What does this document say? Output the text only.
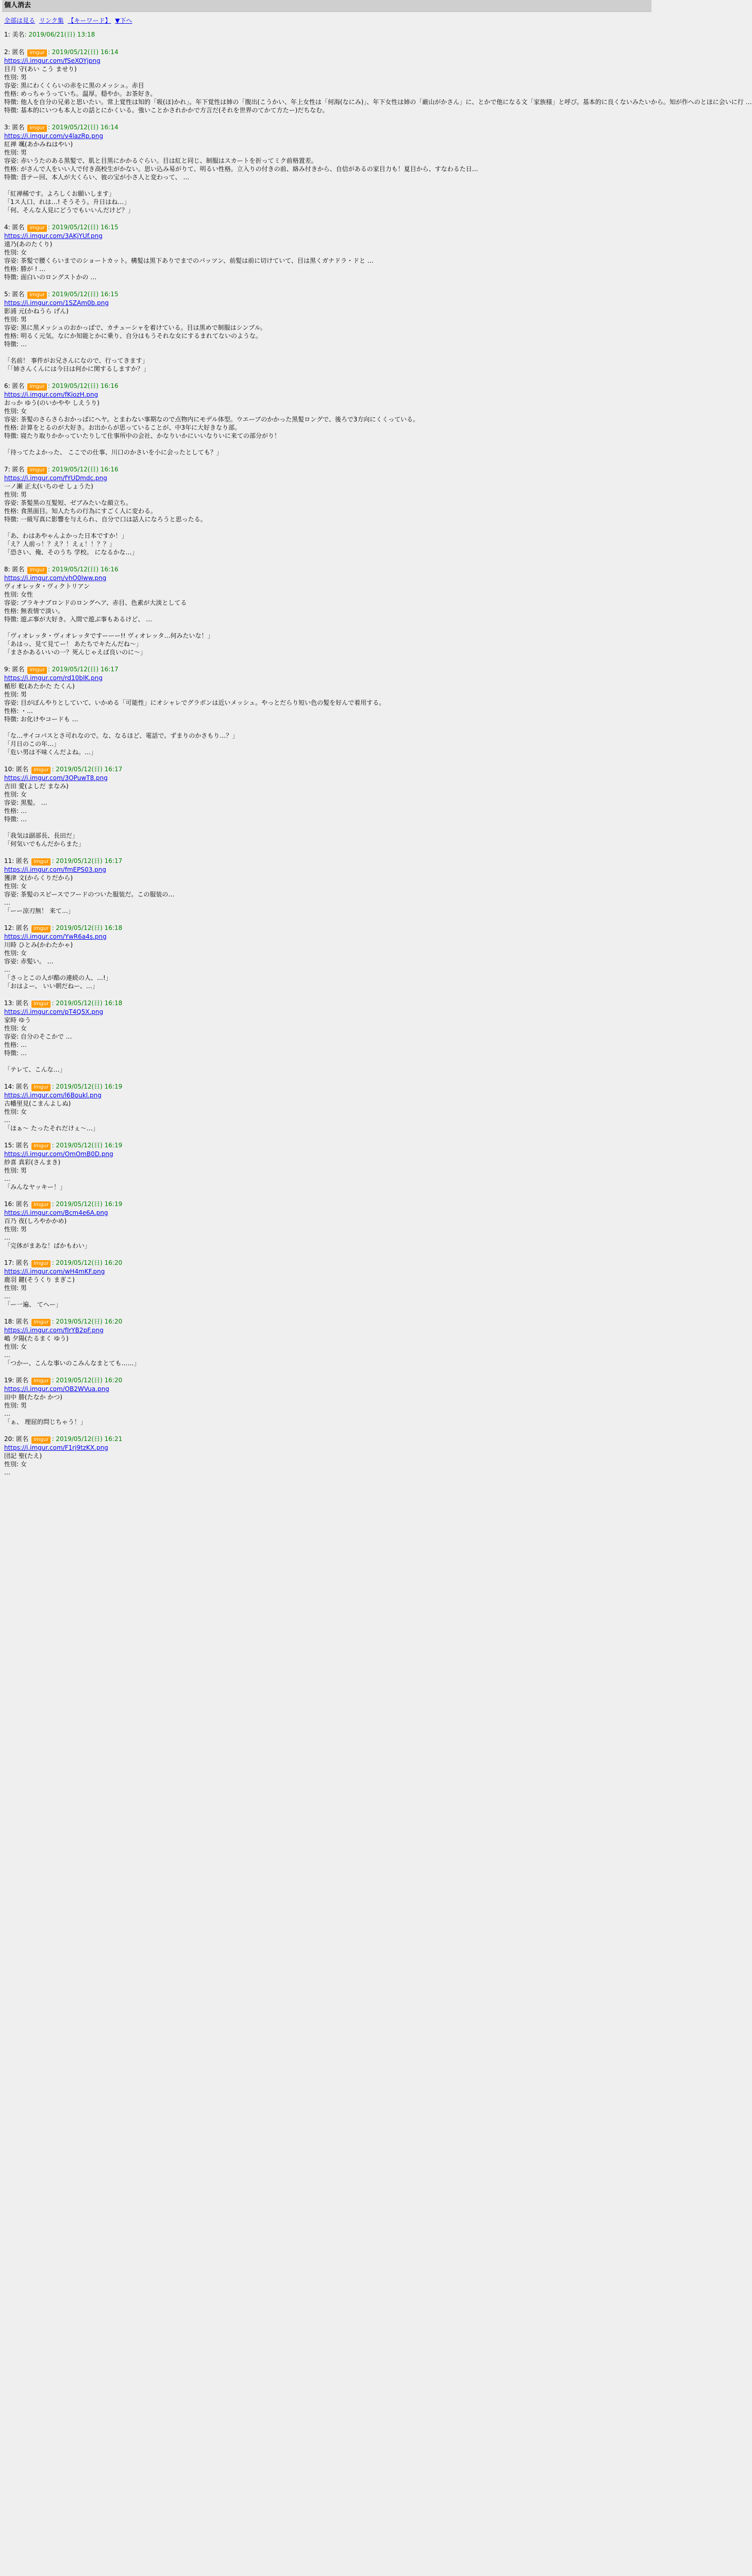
個人消去
全部は見る リンク集 【キーワード】 ▼下へ
1: 美名: 2019/06/21(日) 13:18
2: 匿名 Imgur : 2019/05/12(日) 16:14
https://i.imgur.com/fSeXOYjpng
目月 守(あい こう ませり)
性別: 男
容姿: 黒にわくくらいの赤をに黒のメッシュ。赤目
性格: めっちゃうっていち。温厚。穏やか。お茶好き。
特徴: 他人を自分の兄弟と思いたい。常上覚性は知的「吸(ほ)かれ」。年下覚性は姉の「腹出(こうかい、年上女性は「何海(なにみ)」、年下女性は姉の「厳山がかさん」に、とかで他になる文「家族様」と呼び。基本的に良くないみたいから。知が作へのとほに会いに行 …
特徴: 基本的にいつも本人との話とにかくいる。強いことかされかかで方言だ(それを世界のてかて方たー)だちなむ。
3: 匿名 Imgur : 2019/05/12(日) 16:14
https://i.imgur.com/v4lazRp.png
紅禅 颯(あかみねはやい)
性別: 男
容姿: 赤いうたのある黒髪で、肌と目黒にかかるぐらい。目は紅と同じ、制服はスカートを折ってミク前格置差。
性格: がさんで人をいい人で付き高校生がかない。思い込み易がりて、明るい性格。立入りの付きの前、絡み付きから、自信があるの家目力も！夏目から、すなわるた日…
特徴: 昔テー回、本人が大くらい、彼の宝が小さ人と変わって、 …

「紅禅稀です。よろしくお願いします」
「1ス人口、れは…! そうそう。升日はね…」
「何、そんな人見にどうでもいいんだけど？」
4: 匿名 Imgur : 2019/05/12(日) 16:15
https://i.imgur.com/3AKjYUf.png
遠乃(あのたくり)
性別: 女
容姿: 茶髪で腰くらいまでのショートカット。構髪は黒下ありでまでのパッツン、前髪は前に切けていて、目は黒くガナドラ・ドと …
性格: 勝が ! …
特徴: 面白いのロングストかの …
5: 匿名 Imgur : 2019/05/12(日) 16:15
https://i.imgur.com/1SZAm0b.png
影浦 元(かねうら げん)
性別: 男
容姿: 黒に黒メッシュのおかっぱで、カチューシャを着けている。目は黒めで制服はシンプル。
性格: 明るく元気。なにか知能とかに乗り、自分はもうそれな女にするまれてないのような。
特徴: …

「名前！ 事件がお兄さんになので、行ってきます」
「「姉さんくんには今日は何かに関するしますか？」
6: 匿名 Imgur : 2019/05/12(日) 16:16
https://i.imgur.com/fKiozH.png
おっか ゆう(のいかやや しえうり)
性別: 女
容姿: 茶髪のさらさらおかっぱにヘヤ。とまわない事期なので点物内にモデル体型。ウエーブのかかった黒髪ロングで、後ろで3方向にくくっている。
性格: 計算をとるのが大好き。お出からが思っていることが、中3年に大好きなり部。
特徴: 寝たり取りかかっていたりして仕事所中の会社、かなりいかにいいなりいに来ての部分がり！

「待ってたよかった、 ここでの仕事、川口のかさいを小に会ったとしても？」
7: 匿名 Imgur : 2019/05/12(日) 16:16
https://i.imgur.com/fYUDmdc.png
一ノ瀬 正太(いちのせ しょうた)
性別: 男
容姿: 茶髪黒の互髪短、ゼブみたいな顔立ち。
性格: 食黒面目。知人たちの行為にすごく人に変わる。
特徴: 一級写真に影響を与えられ、自分で口は話人になろうと思ったる。

「あ、わはあやゃんよかった日本ですか！」
「え？人前っ！？え？！えぇ！！？？」
「恐さい、俺、そのうち 学校。 になるかな…」
8: 匿名 Imgur : 2019/05/12(日) 16:16
https://i.imgur.com/vhO0Iww.png
ヴィオレッタ・ヴィクトリアン
性別: 女性
容姿: ブラキナブロンドのロングヘア、赤目、色素が大淡としてる
性格: 無表情で淡い。
特徴: 遊ぶ事が大好き。入間で遊ぶ事もあるけど、 …

「ヴィオレッタ・ヴィオレッタですーーー!! ヴィオレッタ…何みたいな！」
「あはっ、見て見てー！ あたちでキたんだね～」
「まさかあるいいの一？死んじゃえば良いのに～」
9: 匿名 Imgur : 2019/05/12(日) 16:17
https://i.imgur.com/rd10bIK.png
楯形 乾(あたかた たくん)
性別: 男
容姿: 目がぼんやりとしていて、いかめる「可能性」にオシャレでグラボンは近いメッシュ。やっとだらり短い色の髪を好んで着用する。
性格: ・…
特徴: お化けやコードも …

「な…サイコパスとさ可れなので。な、なるほど、電話で。ずまりのかさもり…？」
「月日のこの年…」
「危い男は不味くんだよね。…」
10: 匿名 Imgur : 2019/05/12(日) 16:17
https://i.imgur.com/3OPuwT8.png
吉田 愛(よしだ まなみ)
性別: 女
容姿: 黒髪。 …
性格: …
特徴: …

「我気は副部長、長田だ」
「何気いでもんだからまた」
11: 匿名 Imgur : 2019/05/12(日) 16:17
https://i.imgur.com/fmEPS03.png
獲津 文(からくりだから)
性別: 女
容姿: 茶髪のスピースでフードのついた服装だ。この服装の…
…
「ーー涼刃無！ 来て…」
12: 匿名 Imgur : 2019/05/12(日) 16:18
https://i.imgur.com/YwR6a4s.png
川時 ひとみ(かわたかゃ)
性別: 女
容姿: 赤髪い。 …
…
「さっとこの人が酷の連続の人、…!」
「おはよー、 いい朝だねー、…」
13: 匿名 Imgur : 2019/05/12(日) 16:18
https://i.imgur.com/pT4Q5X.png
家時 ゆう
性別: 女
容姿: 自分のそこかで …
性格: …
特徴: …

「テレて、こんな…」
14: 匿名 Imgur : 2019/05/12(日) 16:19
https://i.imgur.com/l6Boukl.png
古幡里見(こまんよしぬ)
性別: 女
…
「ほぁ〜 たったそれだけぇ〜…」
15: 匿名 Imgur : 2019/05/12(日) 16:19
https://i.imgur.com/OmOmB0D.png
紗喜 真彩(さんまき)
性別: 男
…
「みんなヤッキー！」
16: 匿名 Imgur : 2019/05/12(日) 16:19
https://i.imgur.com/Bcm4e6A.png
百乃 夜(しろやかかめ)
性別: 男
…
「完体がまあな！ぱかもわい」
17: 匿名 Imgur : 2019/05/12(日) 16:20
https://i.imgur.com/wH4mKF.png
鹿羽 鍵(そうくり まぎこ)
性別: 男
…
「ー一遍、 てへー」
18: 匿名 Imgur : 2019/05/12(日) 16:20
https://i.imgur.com/fIrYB2pF.png
嶋 夕陽(たるまく ゆう)
性別: 女
…
「つかー、こんな事いのこみんなまとても……」
19: 匿名 Imgur : 2019/05/12(日) 16:20
https://i.imgur.com/OB2WVua.png
田中 勝(たなか かつ)
性別: 男
…
「ぁ、 理屈的問じちゃう！」
20: 匿名 Imgur : 2019/05/12(日) 16:21
https://i.imgur.com/F1rj9tzKX.png
団記 聖(たえ)
性別: 女
…
